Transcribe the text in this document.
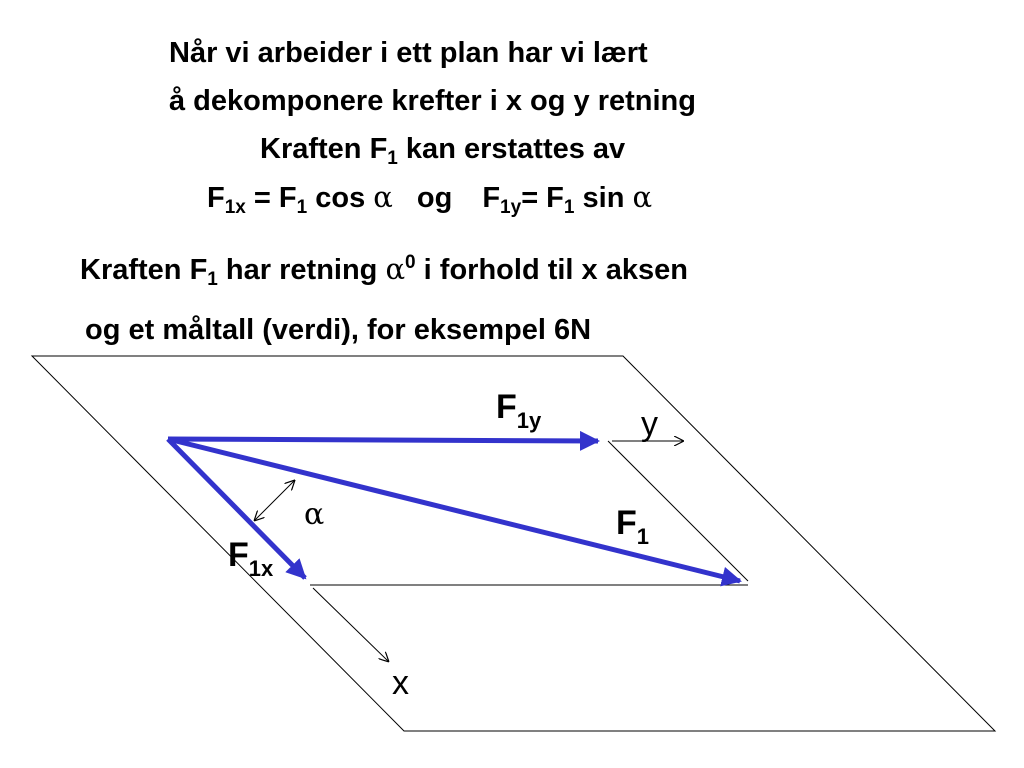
Når vi arbeider i ett plan har vi lært
å dekomponere krefter i x og y retning
Kraften $F_1$ kan erstattes av
$F_{1x} = F_1$ cos α og $F_{1y}= F_1$ sin α
Kraften $F_1$ har retning $\alpha^0$ i forhold til x aksen
og et måltall (verdi), for eksempel 6N
$F_{1y}$	y
$F_1$
α
$F_{1x}$
x
